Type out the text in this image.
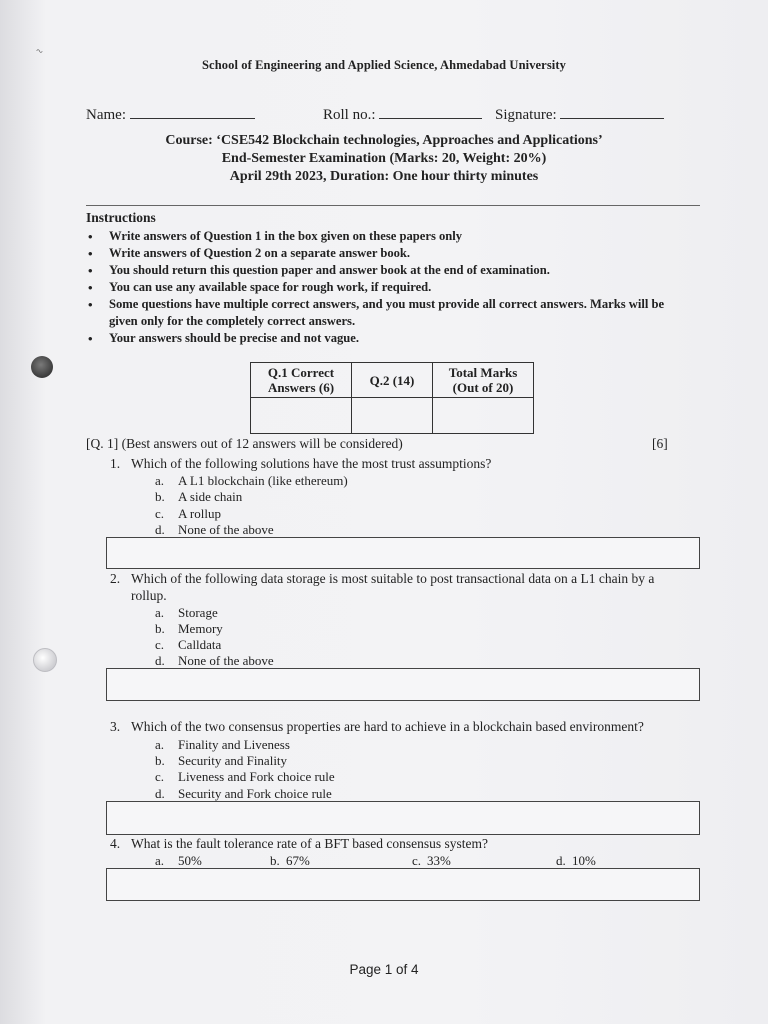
~
School of Engineering and Applied Science, Ahmedabad University
Name:	Roll no.:	Signature:
Course: ‘CSE542 Blockchain technologies, Approaches and Applications’
End-Semester Examination (Marks: 20, Weight: 20%)
April 29th 2023, Duration: One hour thirty minutes
Instructions
• Write answers of Question 1 in the box given on these papers only
• Write answers of Question 2 on a separate answer book.
• You should return this question paper and answer book at the end of examination.
• You can use any available space for rough work, if required.
• Some questions have multiple correct answers, and you must provide all correct answers. Marks will be given only for the completely correct answers.
• Your answers should be precise and not vague.
Q.1 Correct Answers (6)	Q.2 (14)	Total Marks (Out of 20)

[Q. 1] (Best answers out of 12 answers will be considered)	[6]
1. Which of the following solutions have the most trust assumptions?
a. A L1 blockchain (like ethereum)
b. A side chain
c. A rollup
d. None of the above
2. Which of the following data storage is most suitable to post transactional data on a L1 chain by a
rollup.
a. Storage
b. Memory
c. Calldata
d. None of the above
3. Which of the two consensus properties are hard to achieve in a blockchain based environment?
a. Finality and Liveness
b. Security and Finality
c. Liveness and Fork choice rule
d. Security and Fork choice rule
4. What is the fault tolerance rate of a BFT based consensus system?
a. 50%	b. 67%	c. 33%	d. 10%
Page 1 of 4
